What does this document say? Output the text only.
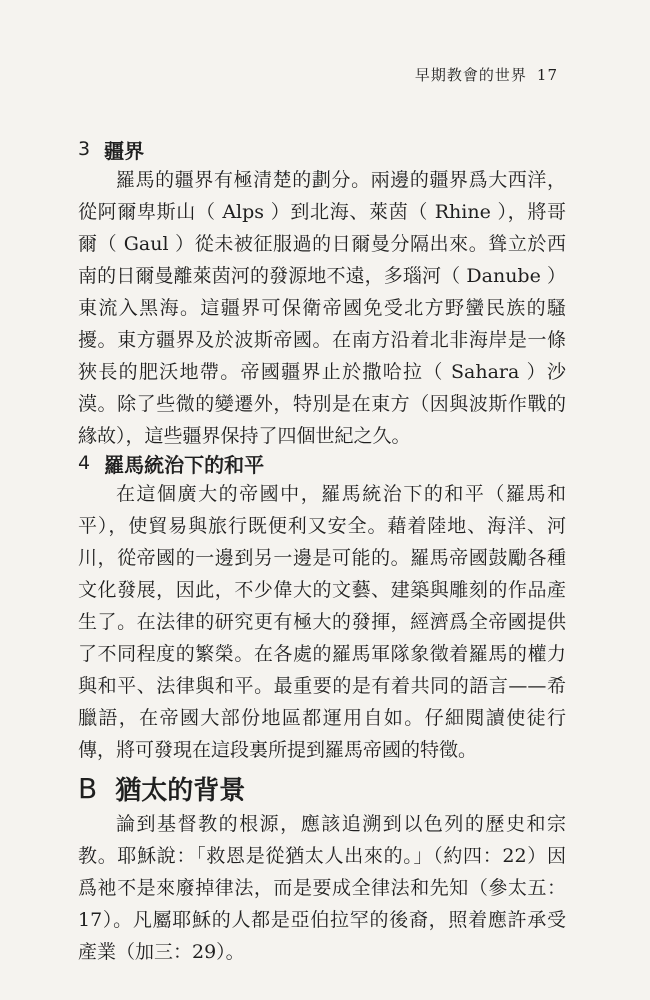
早期教會的世界 17
3 疆界

羅馬的疆界有極清楚的劃分。兩邊的疆界爲大西洋，從阿爾卑斯山（ Alps ）到北海、萊茵（ Rhine ），將哥爾（ Gaul ）從未被征服過的日爾曼分隔出來。聳立於西南的日爾曼離萊茵河的發源地不遠，多瑙河（ Danube ）東流入黑海。這疆界可保衛帝國免受北方野蠻民族的騷擾。東方疆界及於波斯帝國。在南方沿着北非海岸是一條狹長的肥沃地帶。帝國疆界止於撒哈拉（ Sahara ）沙漠。除了些微的變遷外，特別是在東方（因與波斯作戰的緣故），這些疆界保持了四個世紀之久。

4 羅馬統治下的和平

在這個廣大的帝國中，羅馬統治下的和平（羅馬和平），使貿易與旅行既便利又安全。藉着陸地、海洋、河川，從帝國的一邊到另一邊是可能的。羅馬帝國鼓勵各種文化發展，因此，不少偉大的文藝、建築與雕刻的作品產生了。在法律的研究更有極大的發揮，經濟爲全帝國提供了不同程度的繁榮。在各處的羅馬軍隊象徵着羅馬的權力與和平、法律與和平。最重要的是有着共同的語言——希臘語，在帝國大部份地區都運用自如。仔細閱讀使徒行傳，將可發現在這段裏所提到羅馬帝國的特徵。

B 猶太的背景

論到基督教的根源，應該追溯到以色列的歷史和宗教。耶穌說：「救恩是從猶太人出來的。」（約四：22）因爲祂不是來廢掉律法，而是要成全律法和先知（參太五：17）。凡屬耶穌的人都是亞伯拉罕的後裔，照着應許承受產業（加三：29）。
